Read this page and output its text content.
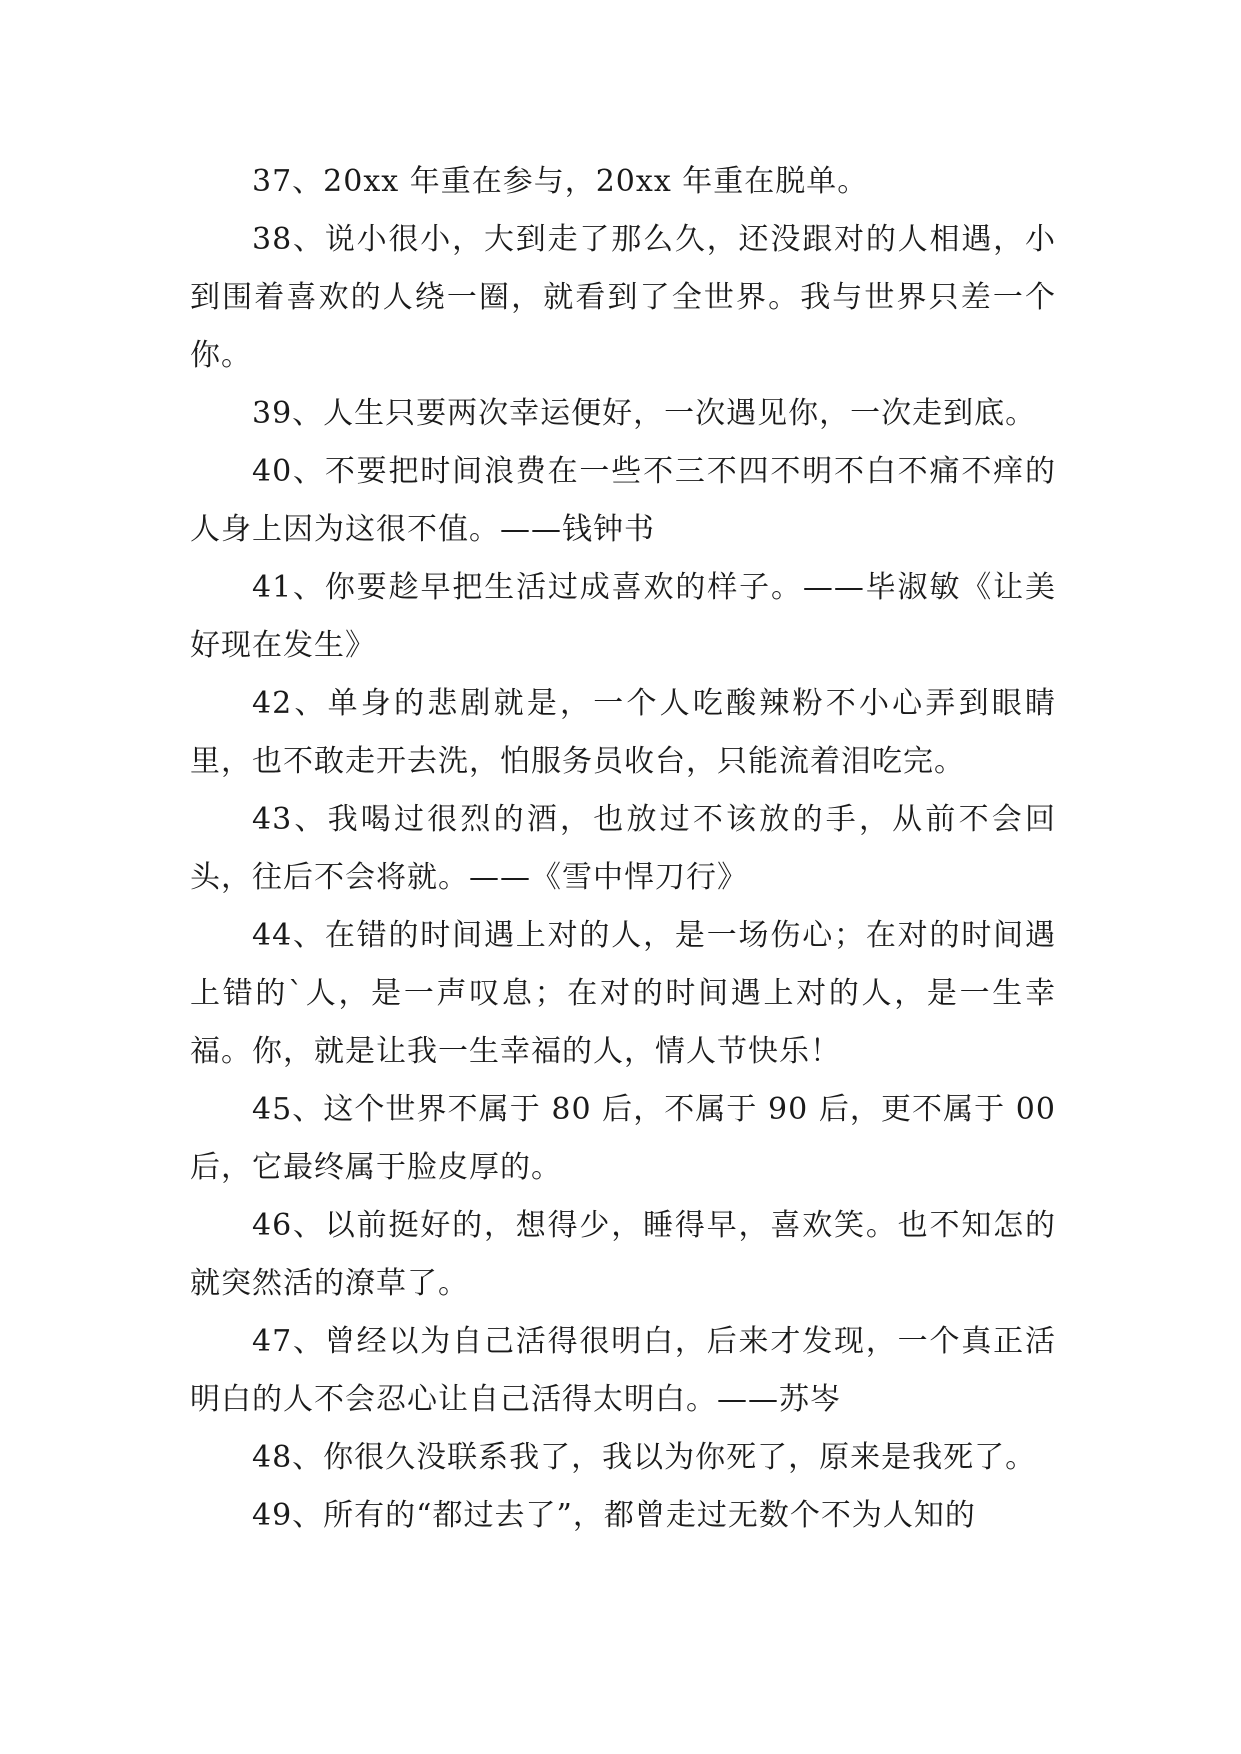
37、20xx 年重在参与，20xx 年重在脱单。

38、说小很小，大到走了那么久，还没跟对的人相遇，小到围着喜欢的人绕一圈，就看到了全世界。我与世界只差一个你。

39、人生只要两次幸运便好，一次遇见你，一次走到底。

40、不要把时间浪费在一些不三不四不明不白不痛不痒的人身上因为这很不值。——钱钟书

41、你要趁早把生活过成喜欢的样子。——毕淑敏《让美好现在发生》

42、单身的悲剧就是，一个人吃酸辣粉不小心弄到眼睛里，也不敢走开去洗，怕服务员收台，只能流着泪吃完。

43、我喝过很烈的酒，也放过不该放的手，从前不会回头，往后不会将就。——《雪中悍刀行》

44、在错的时间遇上对的人，是一场伤心；在对的时间遇上错的`人，是一声叹息；在对的时间遇上对的人，是一生幸福。你，就是让我一生幸福的人，情人节快乐！

45、这个世界不属于 80 后，不属于 90 后，更不属于 00 后，它最终属于脸皮厚的。

46、以前挺好的，想得少，睡得早，喜欢笑。也不知怎的就突然活的潦草了。

47、曾经以为自己活得很明白，后来才发现，一个真正活明白的人不会忍心让自己活得太明白。——苏岑

48、你很久没联系我了，我以为你死了，原来是我死了。

49、所有的“都过去了”，都曾走过无数个不为人知的
